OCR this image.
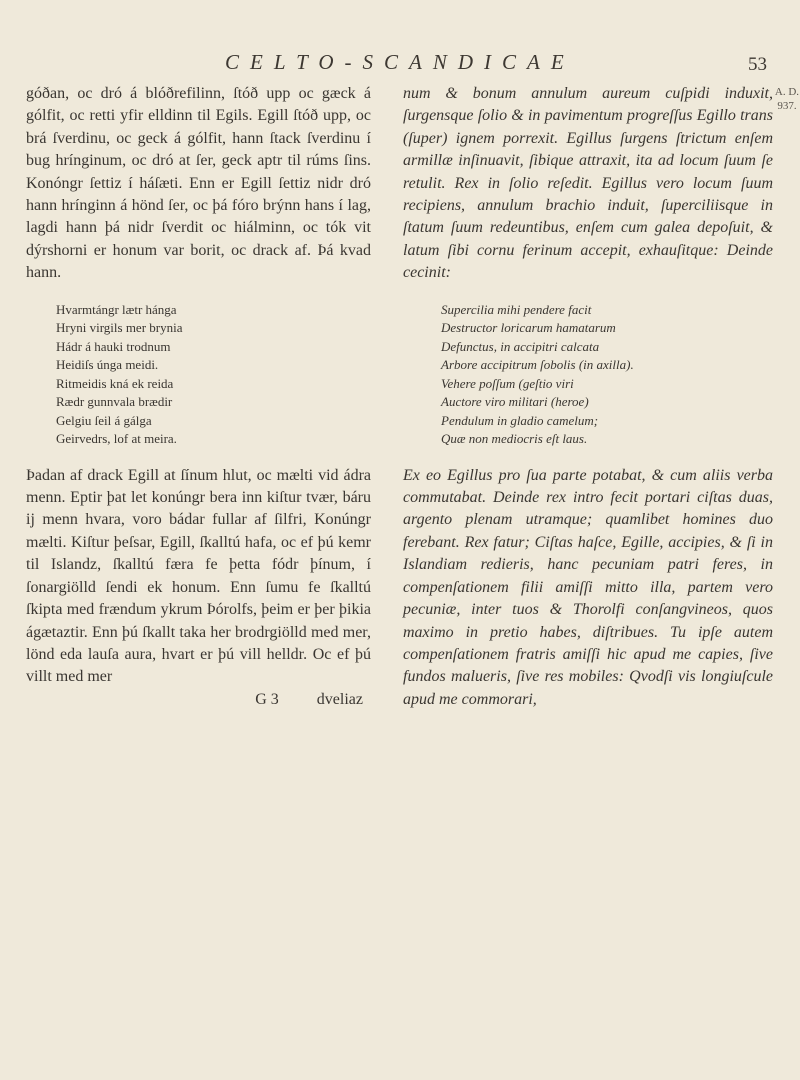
CELTO-SCANDICAE	53
A. D.
937.

góðan, oc dró á blóðrefilinn, ſtóð upp oc gæck á gólfit, oc retti yfir elldinn til Egils. Egill ſtóð upp, oc brá ſverdinu, oc geck á gólfit, hann ſtack ſverdinu í bug hrínginum, oc dró at ſer, geck aptr til rúms ſins. Konóngr ſettiz í háſæti. Enn er Egill ſettiz nidr dró hann hrínginn á hönd ſer, oc þá fóro brýnn hans í lag, lagdi hann þá nidr ſverdit oc hiálminn, oc tók vit dýrshorni er honum var borit, oc drack af. Þá kvad hann.

Hvarmtángr lætr hánga
Hryni virgils mer brynia
Hádr á hauki trodnum
Heidiſs únga meidi.
Ritmeidis kná ek reida
Rædr gunnvala brædir
Gelgiu ſeil á gálga
Geirvedrs, lof at meira.

Þadan af drack Egill at ſínum hlut, oc mælti vid ádra menn. Eptir þat let konúngr bera inn kiſtur tvær, báru ij menn hvara, voro bádar fullar af ſilfri, Konúngr mælti. Kiſtur þeſsar, Egill, ſkalltú hafa, oc ef þú kemr til Islandz, ſkalltú færa fe þetta fódr þínum, í ſonargiölld ſendi ek honum. Enn ſumu fe ſkalltú ſkipta med frændum ykrum Þórolfs, þeim er þer þikia ágætaztir. Enn þú ſkallt taka her brodrgiölld med mer, lönd eda lauſa aura, hvart er þú vill helldr. Oc ef þú villt med mer

G 3 dveliaz

num & bonum annulum aureum cuſpidi induxit, ſurgensque ſolio & in pavimentum progreſſus Egillo trans (ſuper) ignem porrexit. Egillus ſurgens ſtrictum enſem armillæ inſinuavit, ſibique attraxit, ita ad locum ſuum ſe retulit. Rex in ſolio reſedit. Egillus vero locum ſuum recipiens, annulum brachio induit, ſuperciliisque in ſtatum ſuum redeuntibus, enſem cum galea depoſuit, & latum ſibi cornu ferinum accepit, exhauſitque: Deinde cecinit:

Supercilia mihi pendere facit
Destructor loricarum hamatarum
Defunctus, in accipitri calcata
Arbore accipitrum ſobolis (in axilla).
Vehere poſſum (geſtio viri
Auctore viro militari (heroe)
Pendulum in gladio camelum;
Quæ non mediocris eſt laus.

Ex eo Egillus pro ſua parte potabat, & cum aliis verba commutabat. Deinde rex intro fecit portari ciſtas duas, argento plenam utramque; quamlibet homines duo ferebant. Rex fatur; Ciſtas haſce, Egille, accipies, & ſi in Islandiam redieris, hanc pecuniam patri feres, in compenſationem filii amiſſi mitto illa, partem vero pecuniæ, inter tuos & Thorolfi conſangvineos, quos maximo in pretio habes, diſtribues. Tu ipſe autem compenſationem fratris amiſſi hic apud me capies, ſive fundos malueris, ſive res mobiles: Qvodſi vis longiuſcule apud me commorari,
